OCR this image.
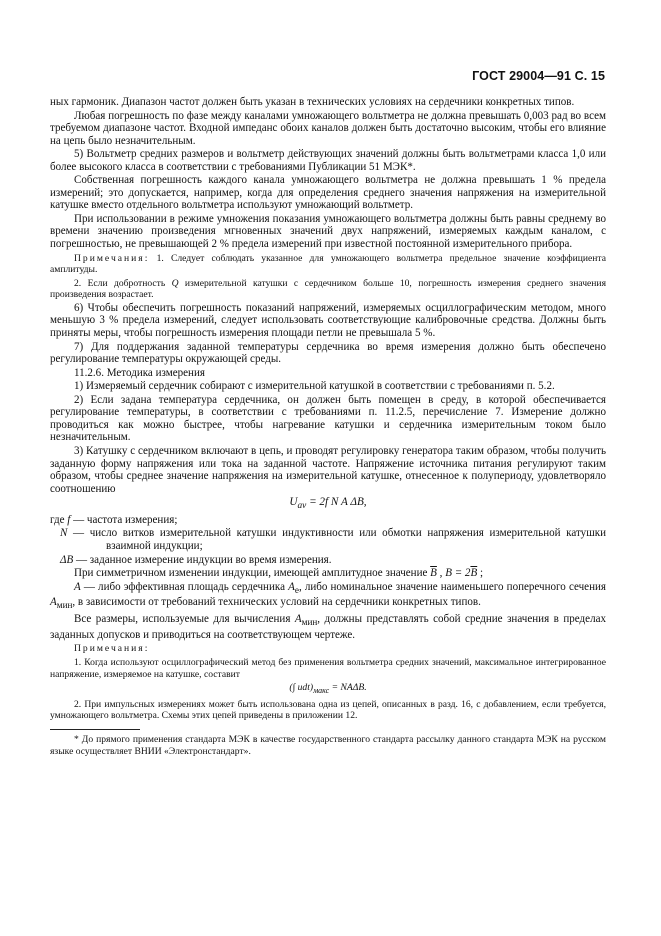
ГОСТ 29004—91 С. 15

ных гармоник. Диапазон частот должен быть указан в технических условиях на сердечники конкретных типов.

Любая погрешность по фазе между каналами умножающего вольтметра не должна превышать 0,003 рад во всем требуемом диапазоне частот. Входной импеданс обоих каналов должен быть достаточно высоким, чтобы его влияние на цепь было незначительным.

5) Вольтметр средних размеров и вольтметр действующих значений должны быть вольтметрами класса 1,0 или более высокого класса в соответствии с требованиями Публикации 51 МЭК*.

Собственная погрешность каждого канала умножающего вольтметра не должна превышать 1 % предела измерений; это допускается, например, когда для определения среднего значения напряжения на измерительной катушке вместо отдельного вольтметра используют умножающий вольтметр.

При использовании в режиме умножения показания умножающего вольтметра должны быть равны среднему во времени значению произведения мгновенных значений двух напряжений, измеряемых каждым каналом, с погрешностью, не превышающей 2 % предела измерений при известной постоянной измерительного прибора.

Примечания: 1. Следует соблюдать указанное для умножающего вольтметра предельное значение коэффициента амплитуды.

2. Если добротность Q измерительной катушки с сердечником больше 10, погрешность измерения среднего значения произведения возрастает.

6) Чтобы обеспечить погрешность показаний напряжений, измеряемых осциллографическим методом, много меньшую 3 % предела измерений, следует использовать соответствующие калибровочные средства. Должны быть приняты меры, чтобы погрешность измерения площади петли не превышала 5 %.

7) Для поддержания заданной температуры сердечника во время измерения должно быть обеспечено регулирование температуры окружающей среды.

11.2.6. Методика измерения

1) Измеряемый сердечник собирают с измерительной катушкой в соответствии с требованиями п. 5.2.

2) Если задана температура сердечника, он должен быть помещен в среду, в которой обеспечивается регулирование температуры, в соответствии с требованиями п. 11.2.5, перечисление 7. Измерение должно проводиться как можно быстрее, чтобы нагревание катушки и сердечника измерительным током было незначительным.

3) Катушку с сердечником включают в цепь, и проводят регулировку генератора таким образом, чтобы получить заданную форму напряжения или тока на заданной частоте. Напряжение источника питания регулируют таким образом, чтобы среднее значение напряжения на измерительной катушке, отнесенное к полупериоду, удовлетворяло соотношению

$U_{av} = 2f$ N A ΔB,

где f — частота измерения;

N — число витков измерительной катушки индуктивности или обмотки напряжения измерительной катушки взаимной индукции;

ΔB — заданное измерение индукции во время измерения.

При симметричном изменении индукции, имеющей амплитудное значение $\overline{B}$ , $B = 2\overline{B}$ ;

A — либо эффективная площадь сердечника $A_e$, либо номинальное значение наименьшего поперечного сечения $A_{мин}$, в зависимости от требований технических условий на сердечники конкретных типов.

Все размеры, используемые для вычисления $A_{мин}$, должны представлять собой средние значения в пределах заданных допусков и приводиться на соответствующем чертеже.

Примечания:

1. Когда используют осциллографический метод без применения вольтметра средних значений, максимальное интегрированное напряжение, измеряемое на катушке, составит

(∫ $udt)_{макс} = NA\Delta B$.

2. При импульсных измерениях может быть использована одна из цепей, описанных в разд. 16, с добавлением, если требуется, умножающего вольтметра. Схемы этих цепей приведены в приложении 12.

* До прямого применения стандарта МЭК в качестве государственного стандарта рассылку данного стандарта МЭК на русском языке осуществляет ВНИИ «Электронстандарт».
